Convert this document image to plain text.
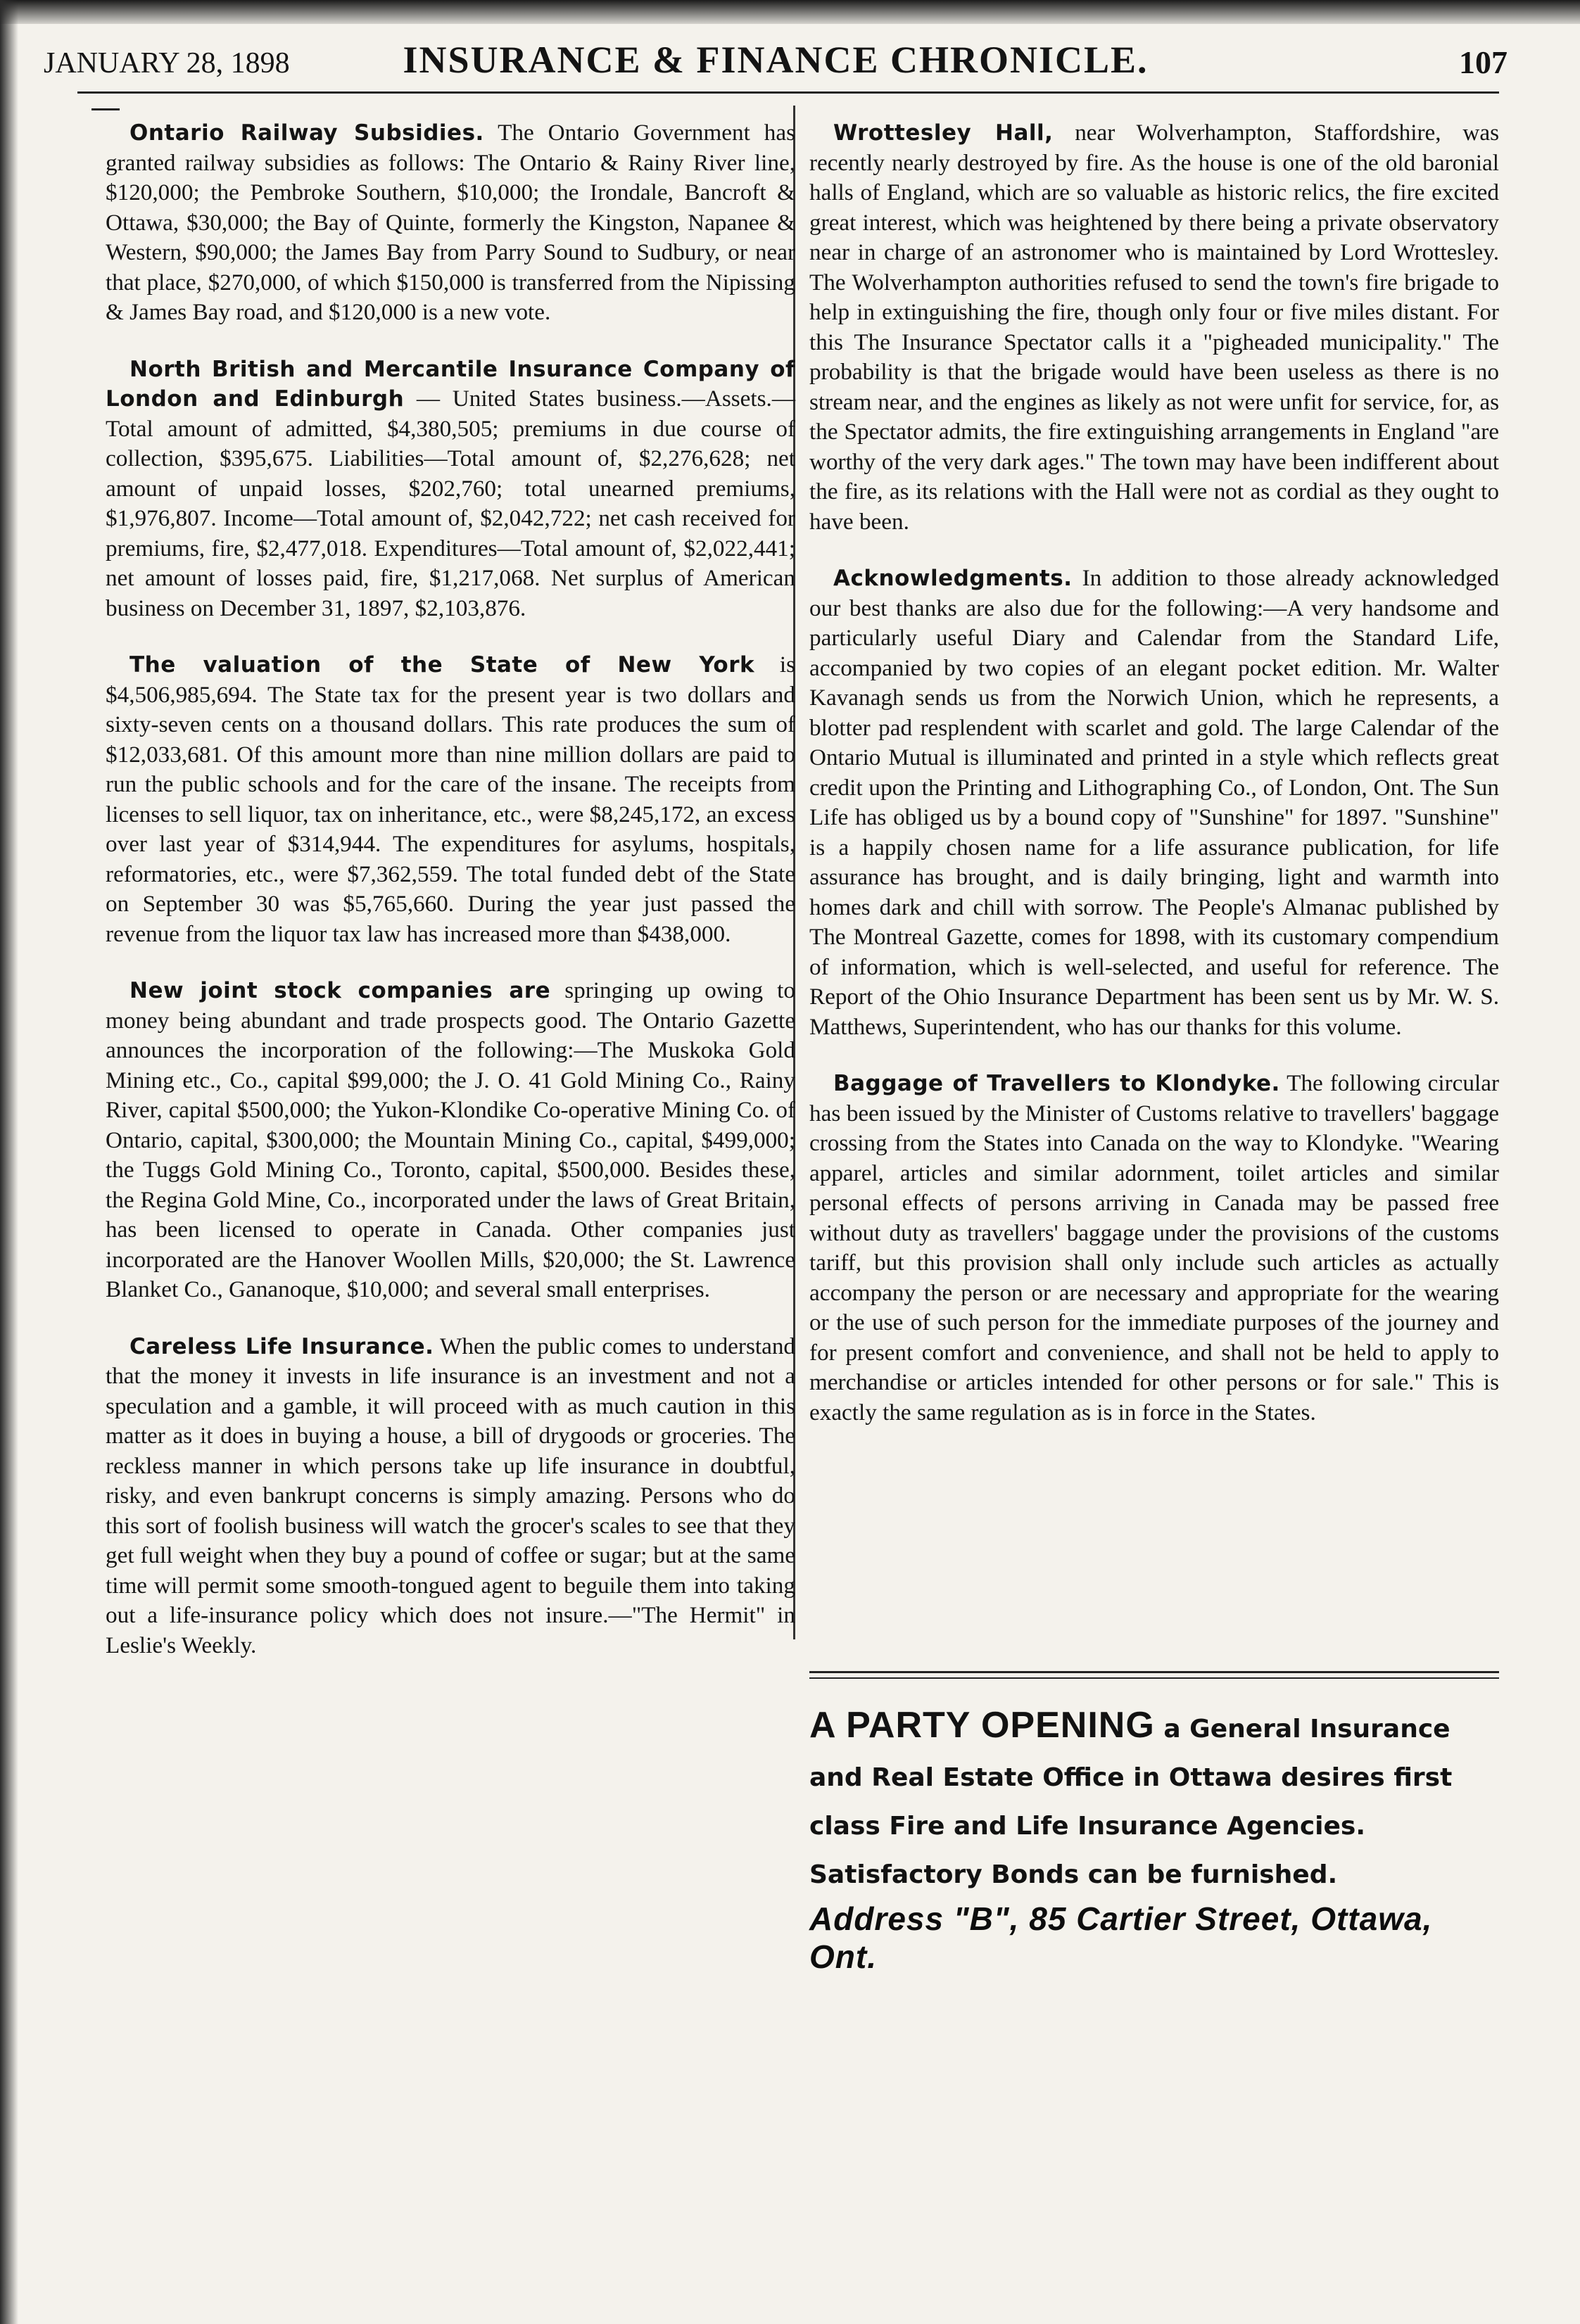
JANUARY 28, 1898	INSURANCE & FINANCE CHRONICLE.	107

Ontario Railway Subsidies. The Ontario Government has granted railway subsidies as follows: The Ontario & Rainy River line, $120,000; the Pembroke Southern, $10,000; the Irondale, Bancroft & Ottawa, $30,000; the Bay of Quinte, formerly the Kingston, Napanee & Western, $90,000; the James Bay from Parry Sound to Sudbury, or near that place, $270,000, of which $150,000 is transferred from the Nipissing & James Bay road, and $120,000 is a new vote.

North British and Mercantile Insurance Company of London and Edinburgh — United States business.—Assets.—Total amount of admitted, $4,380,505; premiums in due course of collection, $395,675. Liabilities—Total amount of, $2,276,628; net amount of unpaid losses, $202,760; total unearned premiums, $1,976,807. Income—Total amount of, $2,042,722; net cash received for premiums, fire, $2,477,018. Expenditures—Total amount of, $2,022,441; net amount of losses paid, fire, $1,217,068. Net surplus of American business on December 31, 1897, $2,103,876.

The valuation of the State of New York is $4,506,985,694. The State tax for the present year is two dollars and sixty-seven cents on a thousand dollars. This rate produces the sum of $12,033,681. Of this amount more than nine million dollars are paid to run the public schools and for the care of the insane. The receipts from licenses to sell liquor, tax on inheritance, etc., were $8,245,172, an excess over last year of $314,944. The expenditures for asylums, hospitals, reformatories, etc., were $7,362,559. The total funded debt of the State on September 30 was $5,765,660. During the year just passed the revenue from the liquor tax law has increased more than $438,000.

New joint stock companies are springing up owing to money being abundant and trade prospects good. The Ontario Gazette announces the incorporation of the following:—The Muskoka Gold Mining etc., Co., capital $99,000; the J. O. 41 Gold Mining Co., Rainy River, capital $500,000; the Yukon-Klondike Co-operative Mining Co. of Ontario, capital, $300,000; the Mountain Mining Co., capital, $499,000; the Tuggs Gold Mining Co., Toronto, capital, $500,000. Besides these, the Regina Gold Mine, Co., incorporated under the laws of Great Britain, has been licensed to operate in Canada. Other companies just incorporated are the Hanover Woollen Mills, $20,000; the St. Lawrence Blanket Co., Gananoque, $10,000; and several small enterprises.

Careless Life Insurance. When the public comes to understand that the money it invests in life insurance is an investment and not a speculation and a gamble, it will proceed with as much caution in this matter as it does in buying a house, a bill of drygoods or groceries. The reckless manner in which persons take up life insurance in doubtful, risky, and even bankrupt concerns is simply amazing. Persons who do this sort of foolish business will watch the grocer's scales to see that they get full weight when they buy a pound of coffee or sugar; but at the same time will permit some smooth-tongued agent to beguile them into taking out a life-insurance policy which does not insure.—"The Hermit" in Leslie's Weekly.

Wrottesley Hall, near Wolverhampton, Staffordshire, was recently nearly destroyed by fire. As the house is one of the old baronial halls of England, which are so valuable as historic relics, the fire excited great interest, which was heightened by there being a private observatory near in charge of an astronomer who is maintained by Lord Wrottesley. The Wolverhampton authorities refused to send the town's fire brigade to help in extinguishing the fire, though only four or five miles distant. For this The Insurance Spectator calls it a "pigheaded municipality." The probability is that the brigade would have been useless as there is no stream near, and the engines as likely as not were unfit for service, for, as the Spectator admits, the fire extinguishing arrangements in England "are worthy of the very dark ages." The town may have been indifferent about the fire, as its relations with the Hall were not as cordial as they ought to have been.

Acknowledgments. In addition to those already acknowledged our best thanks are also due for the following:—A very handsome and particularly useful Diary and Calendar from the Standard Life, accompanied by two copies of an elegant pocket edition. Mr. Walter Kavanagh sends us from the Norwich Union, which he represents, a blotter pad resplendent with scarlet and gold. The large Calendar of the Ontario Mutual is illuminated and printed in a style which reflects great credit upon the Printing and Lithographing Co., of London, Ont. The Sun Life has obliged us by a bound copy of "Sunshine" for 1897. "Sunshine" is a happily chosen name for a life assurance publication, for life assurance has brought, and is daily bringing, light and warmth into homes dark and chill with sorrow. The People's Almanac published by The Montreal Gazette, comes for 1898, with its customary compendium of information, which is well-selected, and useful for reference. The Report of the Ohio Insurance Department has been sent us by Mr. W. S. Matthews, Superintendent, who has our thanks for this volume.

Baggage of Travellers to Klondyke. The following circular has been issued by the Minister of Customs relative to travellers' baggage crossing from the States into Canada on the way to Klondyke. "Wearing apparel, articles and similar adornment, toilet articles and similar personal effects of persons arriving in Canada may be passed free without duty as travellers' baggage under the provisions of the customs tariff, but this provision shall only include such articles as actually accompany the person or are necessary and appropriate for the wearing or the use of such person for the immediate purposes of the journey and for present comfort and convenience, and shall not be held to apply to merchandise or articles intended for other persons or for sale." This is exactly the same regulation as is in force in the States.

A PARTY OPENING a General Insurance and Real Estate Office in Ottawa desires first class Fire and Life Insurance Agencies. Satisfactory Bonds can be furnished.
Address "B", 85 Cartier Street, Ottawa, Ont.
